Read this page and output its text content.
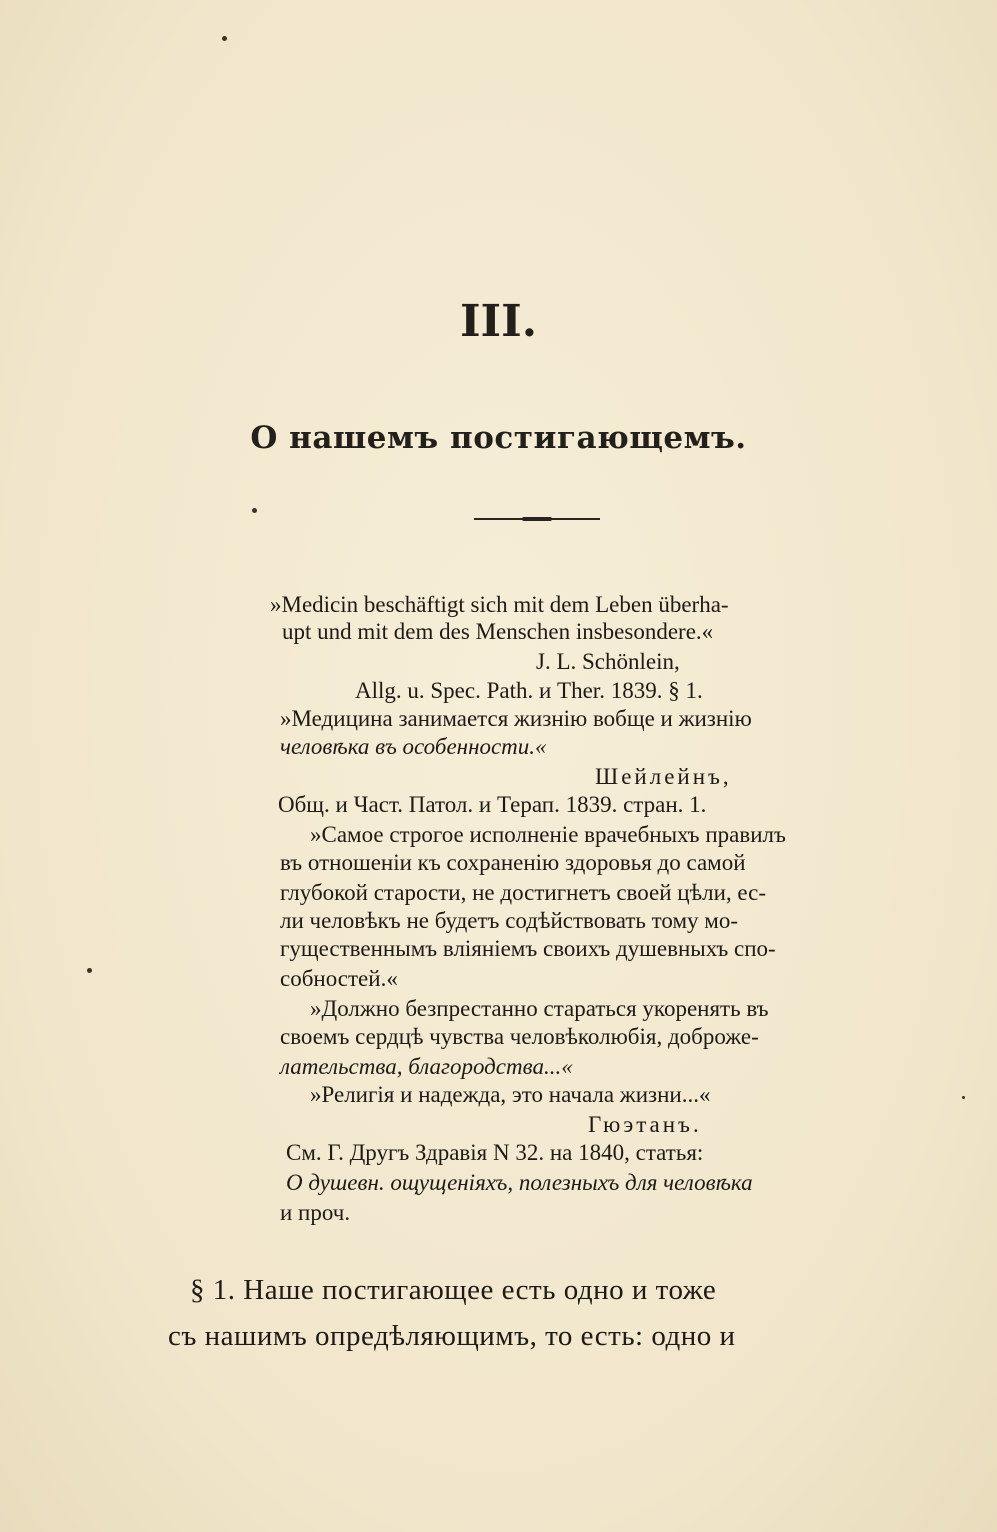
III.
О нашемъ постигающемъ.
»Medicin beschäftigt sich mit dem Leben überha-
upt und mit dem des Menschen insbesondere.«
J. L. Schönlein,
Allg. u. Spec. Path. и Ther. 1839. § 1.
»Медицина занимается жизнію вобще и жизнію
человѣка въ особенности.«
Шейлейнъ,
Общ. и Част. Патол. и Терап. 1839. стран. 1.
»Самое строгое исполненіе врачебныхъ правилъ
въ отношеніи къ сохраненію здоровья до самой
глубокой старости, не достигнетъ своей цѣли, ес-
ли человѣкъ не будетъ содѣйствовать тому мо-
гущественнымъ вліяніемъ своихъ душевныхъ спо-
собностей.«
»Должно безпрестанно стараться укоренять въ
своемъ сердцѣ чувства человѣколюбія, доброже-
лательства, благородства...«
»Религія и надежда, это начала жизни...«
Гюэтанъ.
См. Г. Другъ Здравія N 32. на 1840, статья:
О душевн. ощущеніяхъ, полезныхъ для человѣка
и проч.
§ 1. Наше постигающее есть одно и тоже
съ нашимъ опредѣляющимъ, то есть: одно и
